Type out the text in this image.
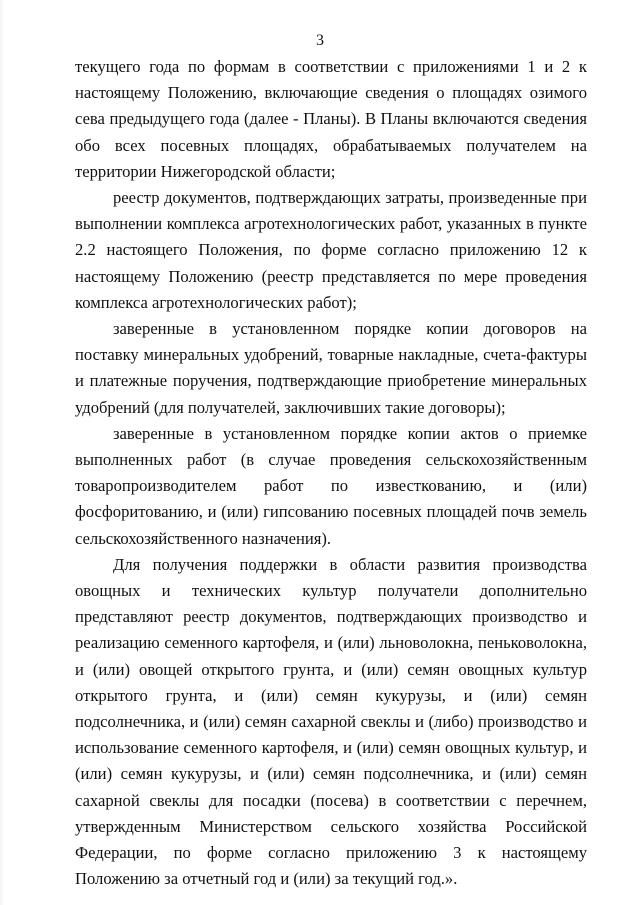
3

текущего года по формам в соответствии с приложениями 1 и 2 к настоящему Положению, включающие сведения о площадях озимого сева предыдущего года (далее - Планы). В Планы включаются сведения обо всех посевных площадях, обрабатываемых получателем на территории Нижегородской области;

реестр документов, подтверждающих затраты, произведенные при выполнении комплекса агротехнологических работ, указанных в пункте 2.2 настоящего Положения, по форме согласно приложению 12 к настоящему Положению (реестр представляется по мере проведения комплекса агротехнологических работ);

заверенные в установленном порядке копии договоров на поставку минеральных удобрений, товарные накладные, счета-фактуры и платежные поручения, подтверждающие приобретение минеральных удобрений (для получателей, заключивших такие договоры);

заверенные в установленном порядке копии актов о приемке выполненных работ (в случае проведения сельскохозяйственным товаропроизводителем работ по известкованию, и (или) фосфоритованию, и (или) гипсованию посевных площадей почв земель сельскохозяйственного назначения).

Для получения поддержки в области развития производства овощных и технических культур получатели дополнительно представляют реестр документов, подтверждающих производство и реализацию семенного картофеля, и (или) льноволокна, пеньковолокна, и (или) овощей открытого грунта, и (или) семян овощных культур открытого грунта, и (или) семян кукурузы, и (или) семян подсолнечника, и (или) семян сахарной свеклы и (либо) производство и использование семенного картофеля, и (или) семян овощных культур, и (или) семян кукурузы, и (или) семян подсолнечника, и (или) семян сахарной свеклы для посадки (посева) в соответствии с перечнем, утвержденным Министерством сельского хозяйства Российской Федерации, по форме согласно приложению 3 к настоящему Положению за отчетный год и (или) за текущий год.».
